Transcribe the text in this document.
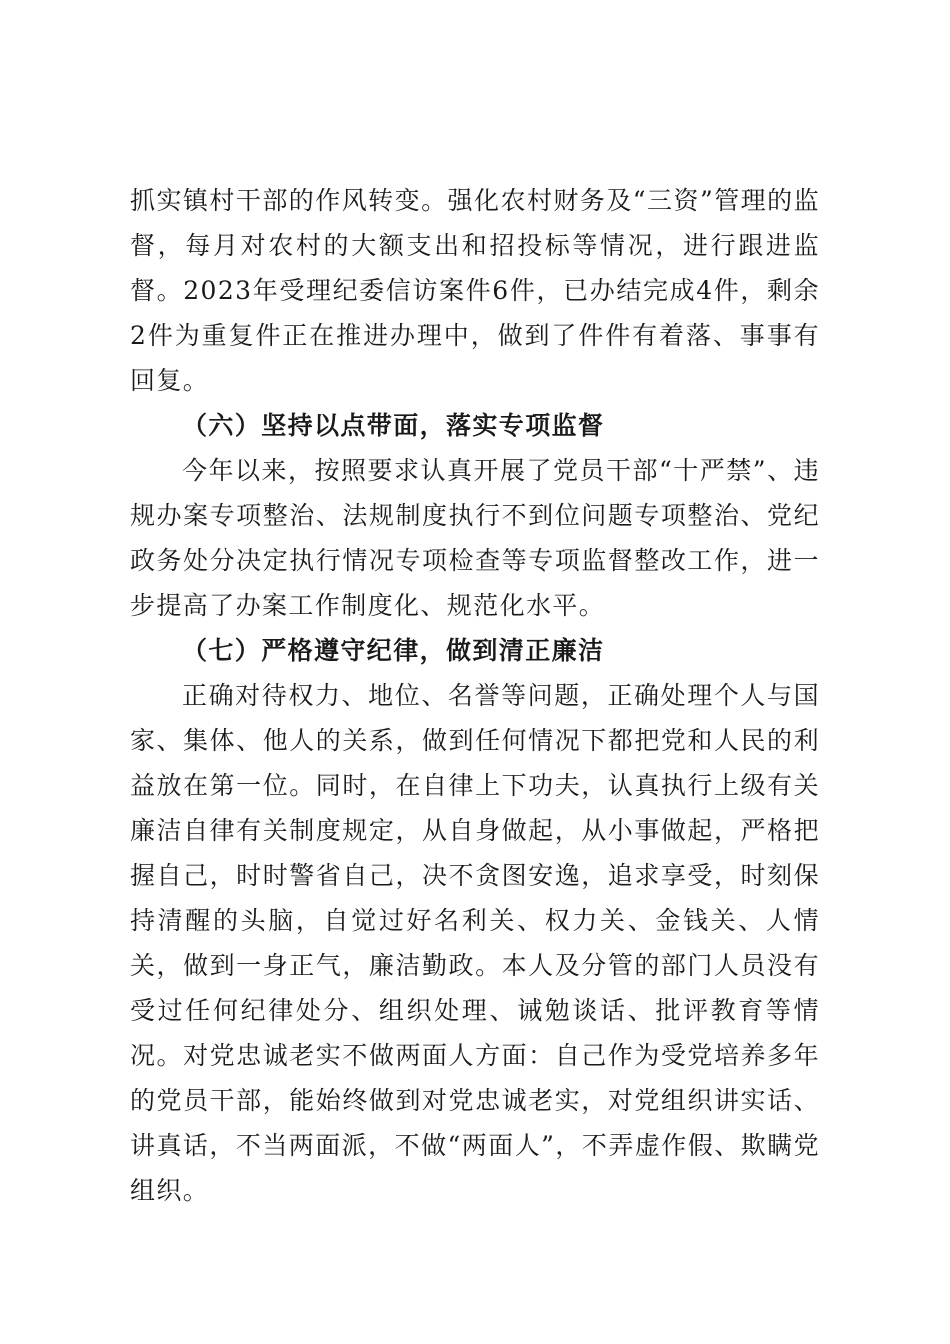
抓实镇村干部的作风转变。强化农村财务及“三资”管理的监督，每月对农村的大额支出和招投标等情况，进行跟进监督。2023年受理纪委信访案件6件，已办结完成4件，剩余2件为重复件正在推进办理中，做到了件件有着落、事事有回复。

（六）坚持以点带面，落实专项监督

今年以来，按照要求认真开展了党员干部“十严禁”、违规办案专项整治、法规制度执行不到位问题专项整治、党纪政务处分决定执行情况专项检查等专项监督整改工作，进一步提高了办案工作制度化、规范化水平。

（七）严格遵守纪律，做到清正廉洁

正确对待权力、地位、名誉等问题，正确处理个人与国家、集体、他人的关系，做到任何情况下都把党和人民的利益放在第一位。同时，在自律上下功夫，认真执行上级有关廉洁自律有关制度规定，从自身做起，从小事做起，严格把握自己，时时警省自己，决不贪图安逸，追求享受，时刻保持清醒的头脑，自觉过好名利关、权力关、金钱关、人情关，做到一身正气，廉洁勤政。本人及分管的部门人员没有受过任何纪律处分、组织处理、诫勉谈话、批评教育等情况。对党忠诚老实不做两面人方面：自己作为受党培养多年的党员干部，能始终做到对党忠诚老实，对党组织讲实话、讲真话，不当两面派，不做“两面人”，不弄虚作假、欺瞒党组织。
